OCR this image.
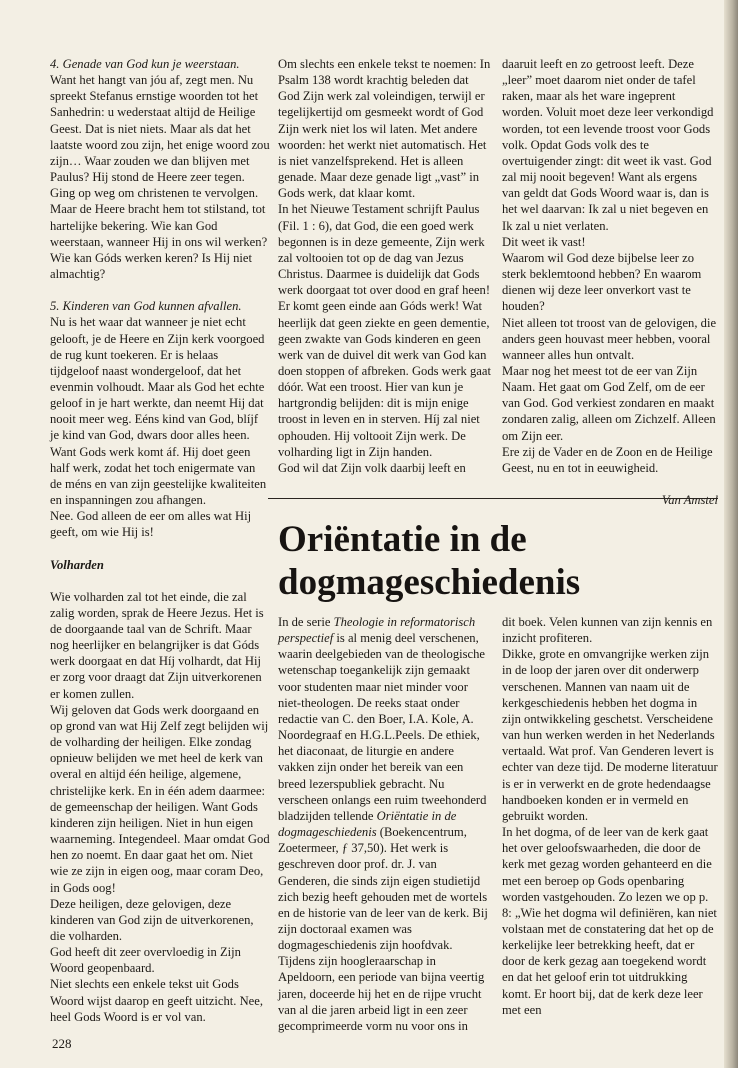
4. Genade van God kun je weerstaan.

Want het hangt van jóu af, zegt men. Nu spreekt Stefanus ernstige woorden tot het Sanhedrin: u wederstaat altijd de Heilige Geest. Dat is niet niets. Maar als dat het laatste woord zou zijn, het enige woord zou zijn… Waar zouden we dan blijven met Paulus? Hij stond de Heere zeer tegen. Ging op weg om christenen te vervolgen. Maar de Heere bracht hem tot stilstand, tot hartelijke bekering. Wie kan God weerstaan, wanneer Hij in ons wil werken? Wie kan Góds werken keren? Is Hij niet almachtig?

5. Kinderen van God kunnen afvallen.

Nu is het waar dat wanneer je niet echt gelooft, je de Heere en Zijn kerk voorgoed de rug kunt toekeren. Er is helaas tijdgeloof naast wondergeloof, dat het evenmin volhoudt. Maar als God het echte geloof in je hart werkte, dan neemt Hij dat nooit meer weg. Eéns kind van God, blíjf je kind van God, dwars door alles heen. Want Gods werk komt áf. Hij doet geen half werk, zodat het toch enigermate van de méns en van zijn geestelijke kwaliteiten en inspanningen zou afhangen.

Nee. God alleen de eer om alles wat Hij geeft, om wie Hij is!

Volharden

Wie volharden zal tot het einde, die zal zalig worden, sprak de Heere Jezus. Het is de doorgaande taal van de Schrift. Maar nog heerlijker en belangrijker is dat Góds werk doorgaat en dat Híj volhardt, dat Hij er zorg voor draagt dat Zijn uitverkorenen er komen zullen.

Wij geloven dat Gods werk doorgaand en op grond van wat Hij Zelf zegt belijden wij de volharding der heiligen. Elke zondag opnieuw belijden we met heel de kerk van overal en altijd één heilige, algemene, christelijke kerk. En in één adem daarmee: de gemeenschap der heiligen. Want Gods kinderen zijn heiligen. Niet in hun eigen waarneming. Integendeel. Maar omdat God hen zo noemt. En daar gaat het om. Niet wie ze zijn in eigen oog, maar coram Deo, in Gods oog!

Deze heiligen, deze gelovigen, deze kinderen van God zijn de uitverkorenen, die volharden.

God heeft dit zeer overvloedig in Zijn Woord geopenbaard.

Niet slechts een enkele tekst uit Gods Woord wijst daarop en geeft uitzicht. Nee, heel Gods Woord is er vol van.

Om slechts een enkele tekst te noemen: In Psalm 138 wordt krachtig beleden dat God Zijn werk zal voleindigen, terwijl er tegelijkertijd om gesmeekt wordt of God Zijn werk niet los wil laten. Met andere woorden: het werkt niet automatisch. Het is niet vanzelfsprekend. Het is alleen genade. Maar deze genade ligt „vast” in Gods werk, dat klaar komt.

In het Nieuwe Testament schrijft Paulus (Fil. 1 : 6), dat God, die een goed werk begonnen is in deze gemeente, Zijn werk zal voltooien tot op de dag van Jezus Christus. Daarmee is duidelijk dat Gods werk doorgaat tot over dood en graf heen! Er komt geen einde aan Góds werk! Wat heerlijk dat geen ziekte en geen dementie, geen zwakte van Gods kinderen en geen werk van de duivel dit werk van God kan doen stoppen of afbreken. Gods werk gaat dóór. Wat een troost. Hier van kun je hartgrondig belijden: dit is mijn enige troost in leven en in sterven. Híj zal niet ophouden. Hij voltooit Zijn werk. De volharding ligt in Zijn handen.

God wil dat Zijn volk daarbij leeft en

daaruit leeft en zo getroost leeft. Deze „leer” moet daarom niet onder de tafel raken, maar als het ware ingeprent worden. Voluit moet deze leer verkondigd worden, tot een levende troost voor Gods volk. Opdat Gods volk des te overtuigender zingt: dit weet ik vast. God zal mij nooit begeven! Want als ergens van geldt dat Gods Woord waar is, dan is het wel daarvan: Ik zal u niet begeven en Ik zal u niet verlaten.

Dit weet ik vast!

Waarom wil God deze bijbelse leer zo sterk beklemtoond hebben? En waarom dienen wij deze leer onverkort vast te houden?

Niet alleen tot troost van de gelovigen, die anders geen houvast meer hebben, vooral wanneer alles hun ontvalt.

Maar nog het meest tot de eer van Zijn Naam. Het gaat om God Zelf, om de eer van God. God verkiest zondaren en maakt zondaren zalig, alleen om Zichzelf. Alleen om Zijn eer.

Ere zij de Vader en de Zoon en de Heilige Geest, nu en tot in eeuwigheid.

Van Amstel

Oriëntatie in de dogmageschiedenis

In de serie Theologie in reformatorisch perspectief is al menig deel verschenen, waarin deelgebieden van de theologische wetenschap toegankelijk zijn gemaakt voor studenten maar niet minder voor niet-theologen. De reeks staat onder redactie van C. den Boer, I.A. Kole, A. Noordegraaf en H.G.L.Peels. De ethiek, het diaconaat, de liturgie en andere vakken zijn onder het bereik van een breed lezerspubliek gebracht. Nu verscheen onlangs een ruim tweehonderd bladzijden tellende Oriëntatie in de dogmageschiedenis (Boekencentrum, Zoetermeer, ƒ 37,50). Het werk is geschreven door prof. dr. J. van Genderen, die sinds zijn eigen studietijd zich bezig heeft gehouden met de wortels en de historie van de leer van de kerk. Bij zijn doctoraal examen was dogmageschiedenis zijn hoofdvak. Tijdens zijn hoogleraarschap in Apeldoorn, een periode van bijna veertig jaren, doceerde hij het en de rijpe vrucht van al die jaren arbeid ligt in een zeer gecomprimeerde vorm nu voor ons in

dit boek. Velen kunnen van zijn kennis en inzicht profiteren.

Dikke, grote en omvangrijke werken zijn in de loop der jaren over dit onderwerp verschenen. Mannen van naam uit de kerkgeschiedenis hebben het dogma in zijn ontwikkeling geschetst. Verscheidene van hun werken werden in het Nederlands vertaald. Wat prof. Van Genderen levert is echter van deze tijd. De moderne literatuur is er in verwerkt en de grote hedendaagse handboeken konden er in vermeld en gebruikt worden.

In het dogma, of de leer van de kerk gaat het over geloofswaarheden, die door de kerk met gezag worden gehanteerd en die met een beroep op Gods openbaring worden vastgehouden. Zo lezen we op p. 8: „Wie het dogma wil definiëren, kan niet volstaan met de constatering dat het op de kerkelijke leer betrekking heeft, dat er door de kerk gezag aan toegekend wordt en dat het geloof erin tot uitdrukking komt. Er hoort bij, dat de kerk deze leer met een

228
